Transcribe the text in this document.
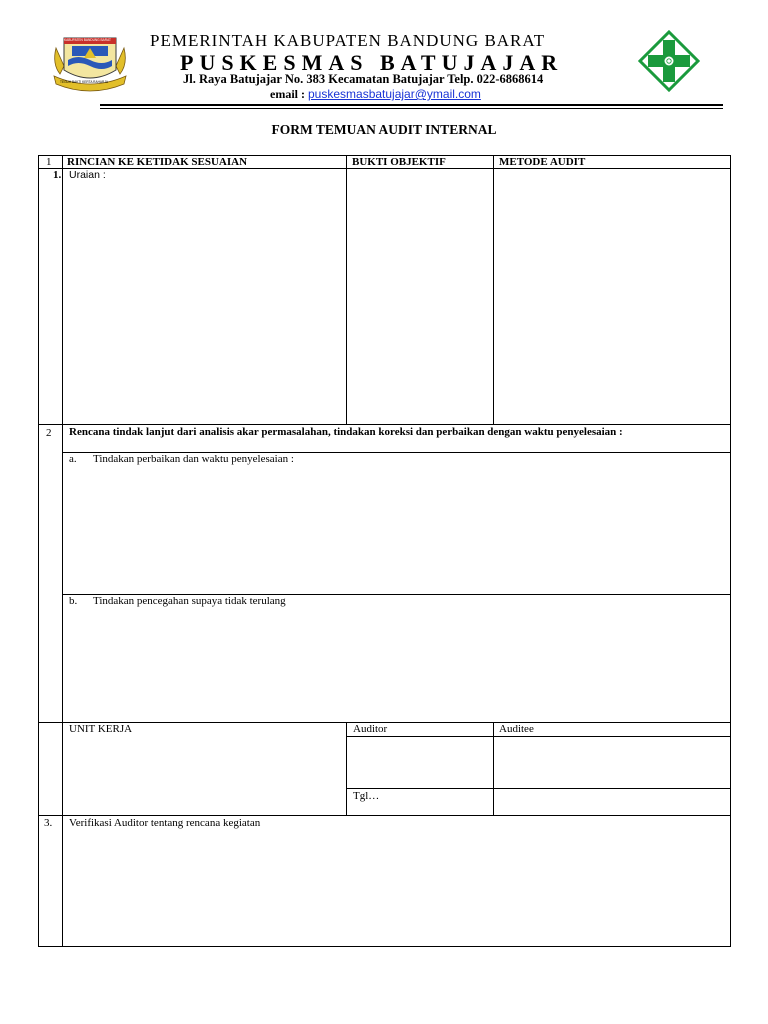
KABUPATEN BANDUNG BARAT
TEGUH BAKTI KERTA RAHARJA
PEMERINTAH KABUPATEN BANDUNG BARAT
PUSKESMAS BATUJAJAR
Jl. Raya Batujajar No. 383 Kecamatan Batujajar Telp. 022-6868614
email : puskesmasbatujajar@ymail.com
FORM TEMUAN AUDIT INTERNAL
1 RINCIAN KE KETIDAK SESUAIAN	BUKTI OBJEKTIF	METODE AUDIT
1. Uraian :
2 Rencana tindak lanjut dari analisis akar permasalahan, tindakan koreksi dan perbaikan dengan waktu penyelesaian :
a. Tindakan perbaikan dan waktu penyelesaian :
b. Tindakan pencegahan supaya tidak terulang
UNIT KERJA	Auditor	Auditee
Tgl…
3. Verifikasi Auditor tentang rencana kegiatan
